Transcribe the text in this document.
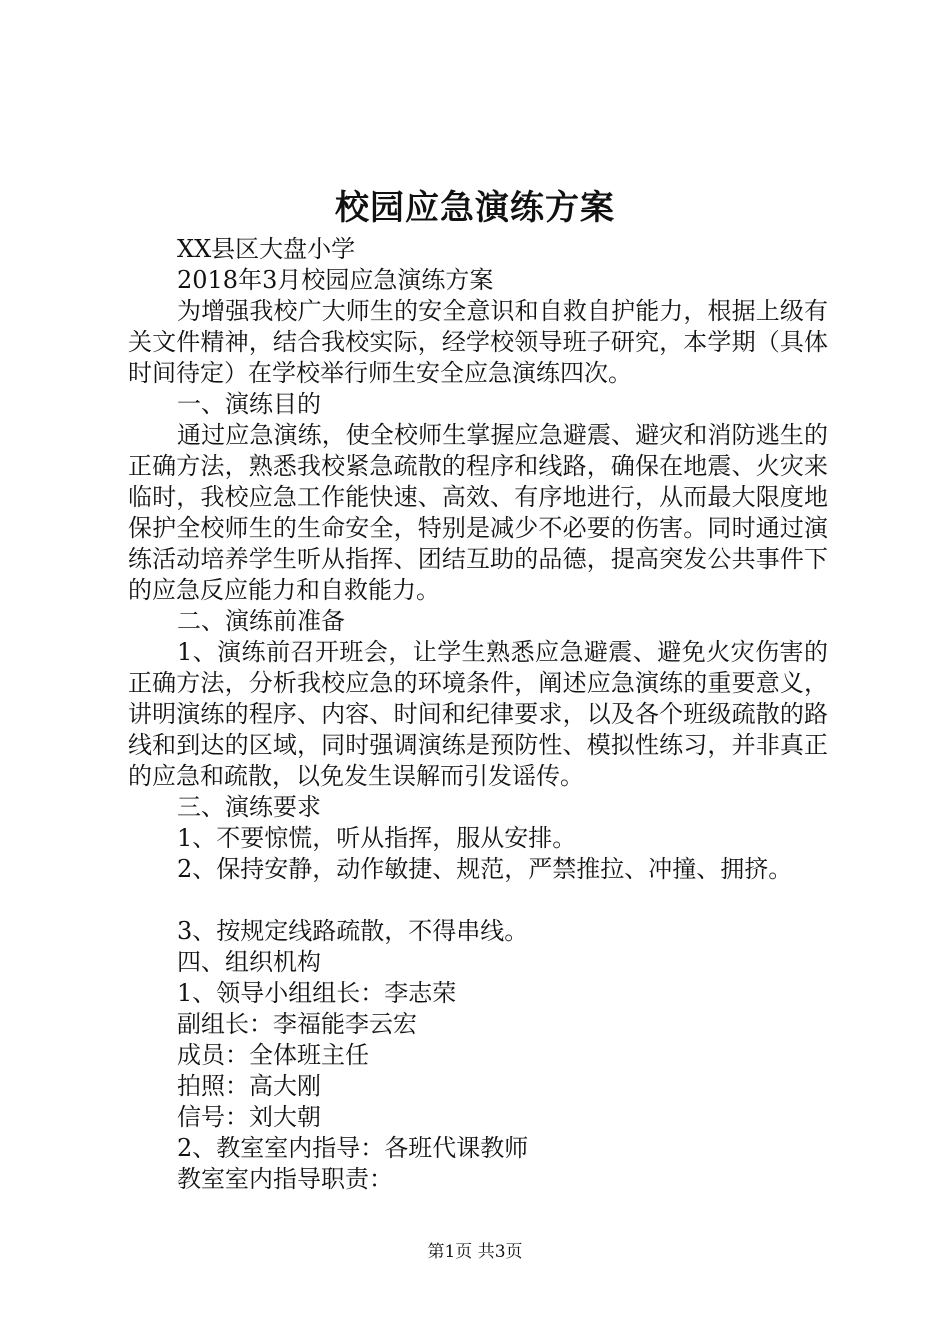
校园应急演练方案

XX县区大盘小学

2018年3月校园应急演练方案

为增强我校广大师生的安全意识和自救自护能力，根据上级有关文件精神，结合我校实际，经学校领导班子研究，本学期（具体时间待定）在学校举行师生安全应急演练四次。

一、演练目的

通过应急演练，使全校师生掌握应急避震、避灾和消防逃生的正确方法，熟悉我校紧急疏散的程序和线路，确保在地震、火灾来临时，我校应急工作能快速、高效、有序地进行，从而最大限度地保护全校师生的生命安全，特别是减少不必要的伤害。同时通过演练活动培养学生听从指挥、团结互助的品德，提高突发公共事件下的应急反应能力和自救能力。

二、演练前准备

1、演练前召开班会，让学生熟悉应急避震、避免火灾伤害的正确方法，分析我校应急的环境条件，阐述应急演练的重要意义，讲明演练的程序、内容、时间和纪律要求，以及各个班级疏散的路线和到达的区域，同时强调演练是预防性、模拟性练习，并非真正的应急和疏散，以免发生误解而引发谣传。

三、演练要求

1、不要惊慌，听从指挥，服从安排。

2、保持安静，动作敏捷、规范，严禁推拉、冲撞、拥挤。

3、按规定线路疏散，不得串线。

四、组织机构

1、领导小组组长：李志荣

副组长：李福能李云宏

成员：全体班主任

拍照：高大刚

信号：刘大朝

2、教室室内指导：各班代课教师

教室室内指导职责：

第1页 共3页
